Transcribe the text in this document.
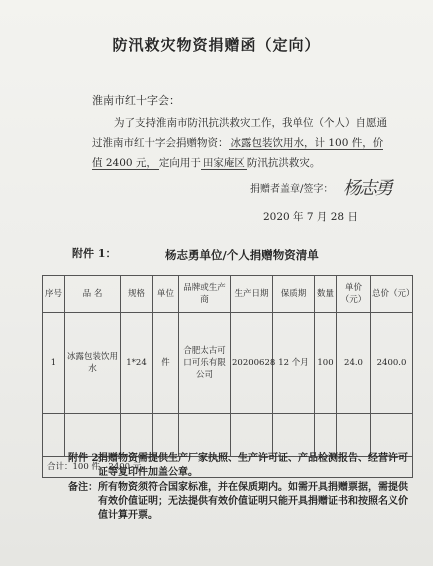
防汛救灾物资捐赠函（定向）
淮南市红十字会：
为了支持淮南市防汛抗洪救灾工作，我单位（个人）自愿通过淮南市红十字会捐赠物资： 冰露包装饮用水，计 100 件，价值 2400 元， 定向用于 田家庵区 防汛抗洪救灾。
捐赠者盖章/签字： 杨志勇
2020 年 7 月 28 日
附件 1：	杨志勇单位/个人捐赠物资清单
序号	品 名	规格	单位	品牌或生产商	生产日期	保质期	数量	单价（元）	总价（元）
1	冰露包装饮用水	1*24	件	合肥太古可口可乐有限公司	20200628	12 个月	100	24.0	2400.0

合计：100 件，2400 元。									
附件 2：
捐赠物资需提供生产厂家执照、生产许可证、产品检测报告、经营许可证等复印件加盖公章。
备注： 所有物资须符合国家标准，并在保质期内。如需开具捐赠票据，需提供有效价值证明；无法提供有效价值证明只能开具捐赠证书和按照名义价值计算开票。
